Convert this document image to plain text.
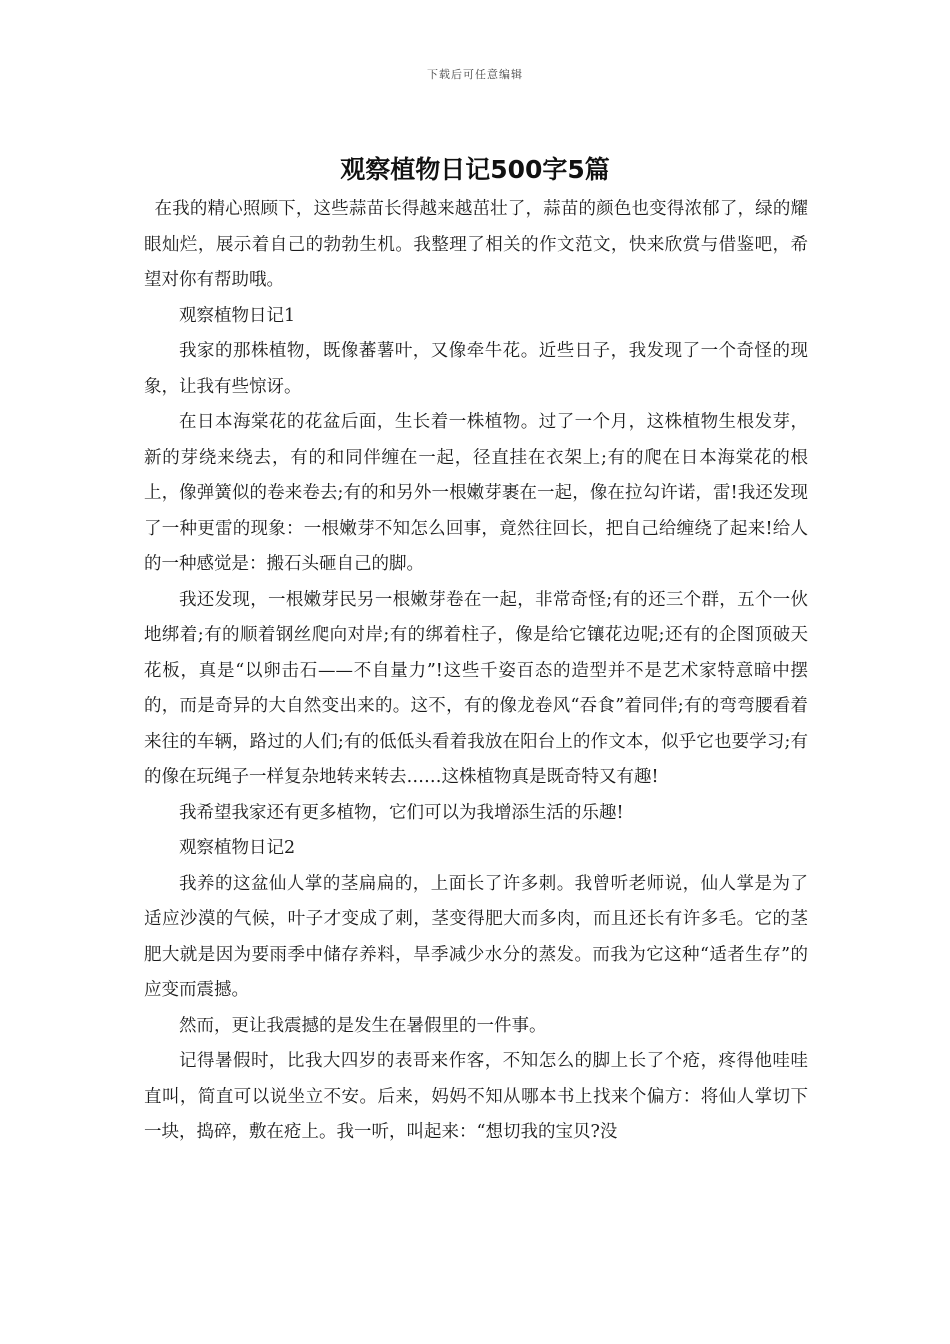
下载后可任意编辑
观察植物日记500字5篇

在我的精心照顾下，这些蒜苗长得越来越茁壮了，蒜苗的颜色也变得浓郁了，绿的耀眼灿烂，展示着自己的勃勃生机。我整理了相关的作文范文，快来欣赏与借鉴吧，希望对你有帮助哦。

观察植物日记1

我家的那株植物，既像蕃薯叶，又像牵牛花。近些日子，我发现了一个奇怪的现象，让我有些惊讶。

在日本海棠花的花盆后面，生长着一株植物。过了一个月，这株植物生根发芽，新的芽绕来绕去，有的和同伴缠在一起，径直挂在衣架上;有的爬在日本海棠花的根上，像弹簧似的卷来卷去;有的和另外一根嫩芽裹在一起，像在拉勾许诺，雷!我还发现了一种更雷的现象：一根嫩芽不知怎么回事，竟然往回长，把自己给缠绕了起来!给人的一种感觉是：搬石头砸自己的脚。

我还发现，一根嫩芽民另一根嫩芽卷在一起，非常奇怪;有的还三个群，五个一伙地绑着;有的顺着钢丝爬向对岸;有的绑着柱子，像是给它镶花边呢;还有的企图顶破天花板，真是“以卵击石——不自量力”!这些千姿百态的造型并不是艺术家特意暗中摆的，而是奇异的大自然变出来的。这不，有的像龙卷风“吞食”着同伴;有的弯弯腰看着来往的车辆，路过的人们;有的低低头看着我放在阳台上的作文本，似乎它也要学习;有的像在玩绳子一样复杂地转来转去……这株植物真是既奇特又有趣!

我希望我家还有更多植物，它们可以为我增添生活的乐趣!

观察植物日记2

我养的这盆仙人掌的茎扁扁的，上面长了许多刺。我曾听老师说，仙人掌是为了适应沙漠的气候，叶子才变成了刺，茎变得肥大而多肉，而且还长有许多毛。它的茎肥大就是因为要雨季中储存养料，旱季减少水分的蒸发。而我为它这种“适者生存”的应变而震撼。

然而，更让我震撼的是发生在暑假里的一件事。

记得暑假时，比我大四岁的表哥来作客，不知怎么的脚上长了个疮，疼得他哇哇直叫，简直可以说坐立不安。后来，妈妈不知从哪本书上找来个偏方：将仙人掌切下一块，捣碎，敷在疮上。我一听，叫起来：“想切我的宝贝?没
